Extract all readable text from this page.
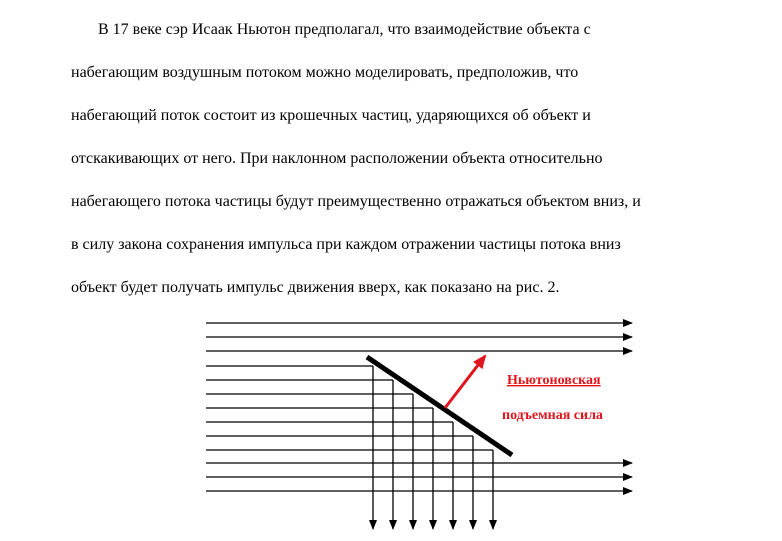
В 17 веке сэр Исаак Ньютон предполагал, что взаимодействие объекта с
набегающим воздушным потоком можно моделировать, предположив, что
набегающий поток состоит из крошечных частиц, ударяющихся об объект и
отскакивающих от него. При наклонном расположении объекта относительно
набегающего потока частицы будут преимущественно отражаться объектом вниз, и
в силу закона сохранения импульса при каждом отражении частицы потока вниз
объект будет получать импульс движения вверх, как показано на рис. 2.
Ньютоновская
подъемная сила
